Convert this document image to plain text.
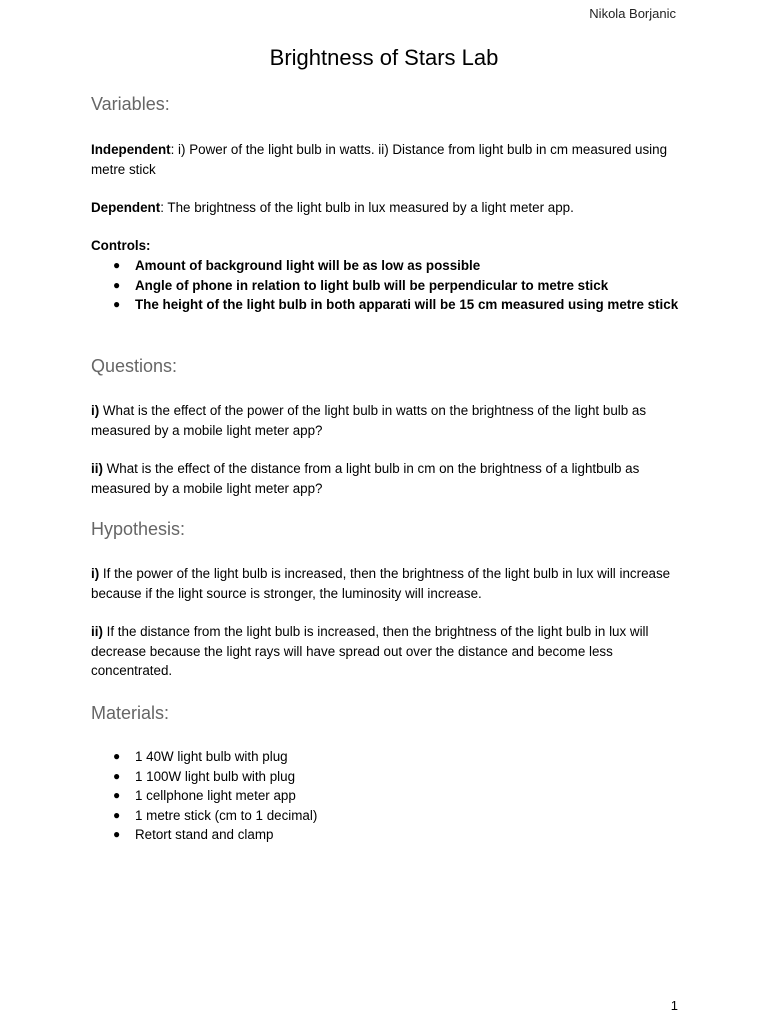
Nikola Borjanic
Brightness of Stars Lab
Variables:
Independent: i) Power of the light bulb in watts. ii) Distance from light bulb in cm measured using metre stick
Dependent: The brightness of the light bulb in lux measured by a light meter app.
Controls:
● Amount of background light will be as low as possible
● Angle of phone in relation to light bulb will be perpendicular to metre stick
● The height of the light bulb in both apparati will be 15 cm measured using metre stick
Questions:
i) What is the effect of the power of the light bulb in watts on the brightness of the light bulb as measured by a mobile light meter app?
ii) What is the effect of the distance from a light bulb in cm on the brightness of a lightbulb as measured by a mobile light meter app?
Hypothesis:
i) If the power of the light bulb is increased, then the brightness of the light bulb in lux will increase because if the light source is stronger, the luminosity will increase.
ii) If the distance from the light bulb is increased, then the brightness of the light bulb in lux will decrease because the light rays will have spread out over the distance and become less concentrated.
Materials:
● 1 40W light bulb with plug
● 1 100W light bulb with plug
● 1 cellphone light meter app
● 1 metre stick (cm to 1 decimal)
● Retort stand and clamp
1
